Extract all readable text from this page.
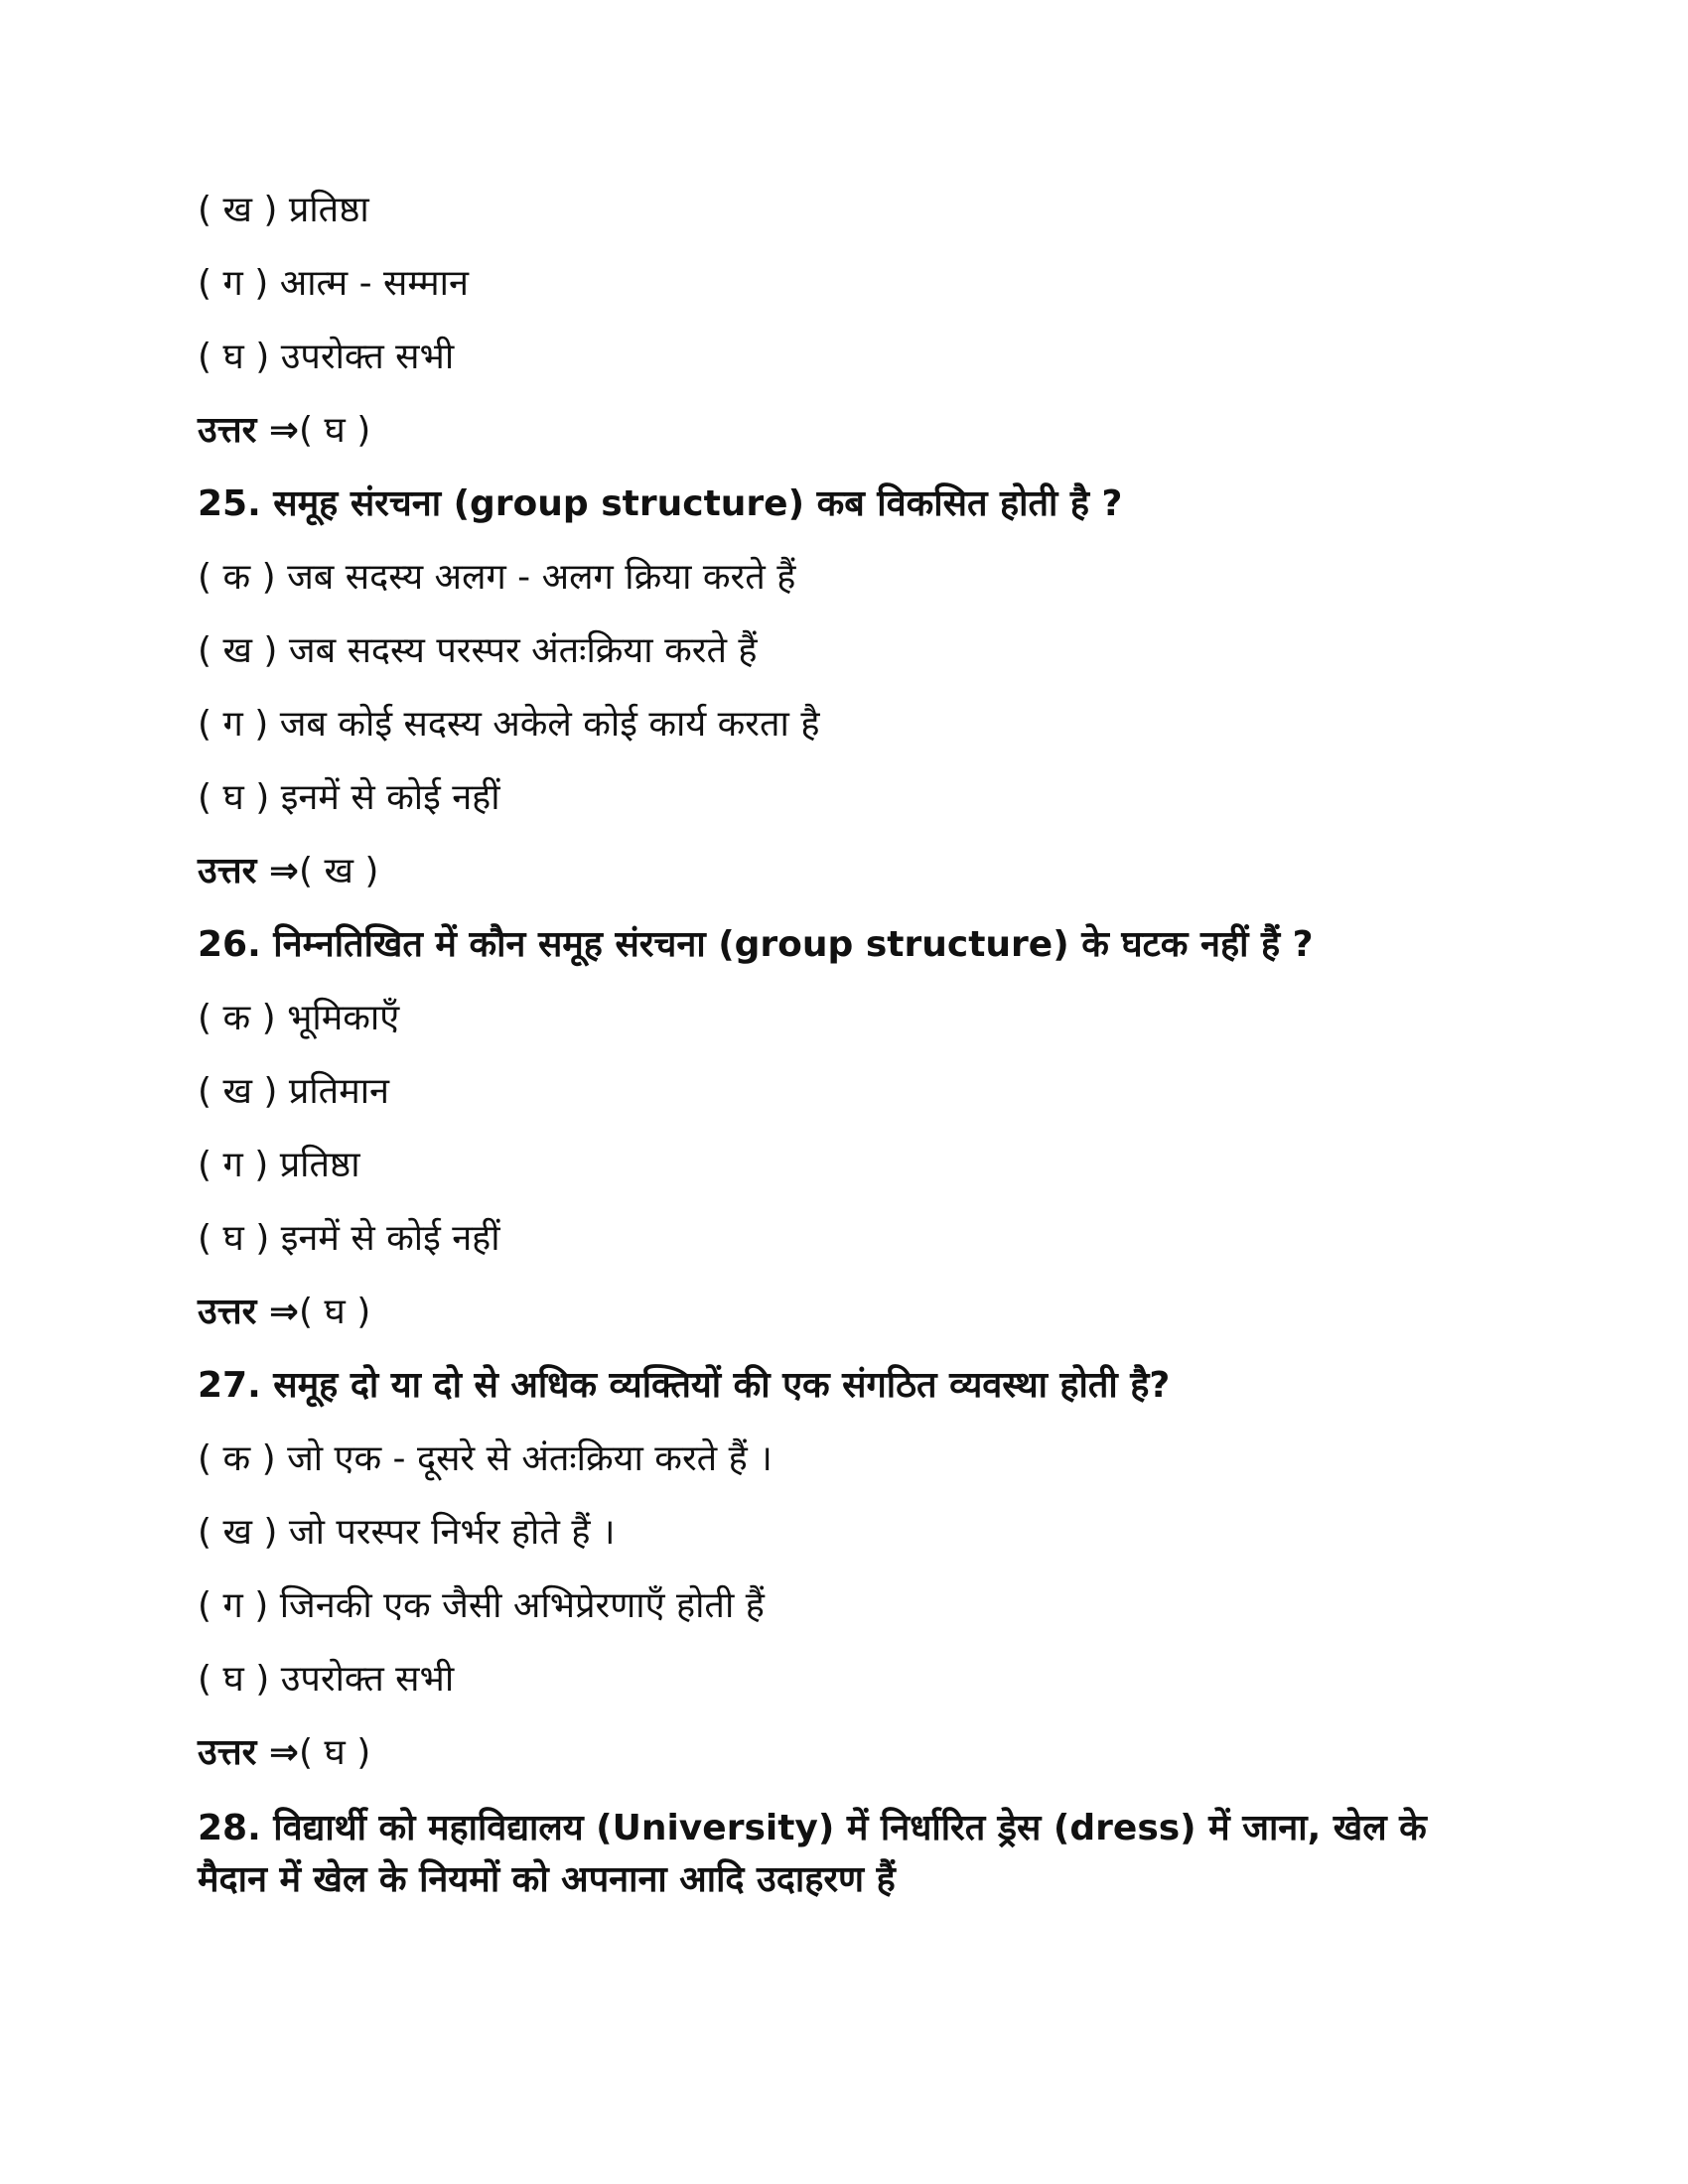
( ख ) प्रतिष्ठा
( ग ) आत्म - सम्मान
( घ ) उपरोक्त सभी
उत्तर ⇒( घ )
25. समूह संरचना (group structure) कब विकसित होती है ?
( क ) जब सदस्य अलग - अलग क्रिया करते हैं
( ख ) जब सदस्य परस्पर अंतःक्रिया करते हैं
( ग ) जब कोई सदस्य अकेले कोई कार्य करता है
( घ ) इनमें से कोई नहीं
उत्तर ⇒( ख )
26. निम्नतिखित में कौन समूह संरचना (group structure) के घटक नहीं हैं ?
( क ) भूमिकाएँ
( ख ) प्रतिमान
( ग ) प्रतिष्ठा
( घ ) इनमें से कोई नहीं
उत्तर ⇒( घ )
27. समूह दो या दो से अधिक व्यक्तियों की एक संगठित व्यवस्था होती है?
( क ) जो एक - दूसरे से अंतःक्रिया करते हैं ।
( ख ) जो परस्पर निर्भर होते हैं ।
( ग ) जिनकी एक जैसी अभिप्रेरणाएँ होती हैं
( घ ) उपरोक्त सभी
उत्तर ⇒( घ )
28. विद्यार्थी को महाविद्यालय (University) में निर्धारित ड्रेस (dress) में जाना, खेल के मैदान में खेल के नियमों को अपनाना आदि उदाहरण हैं
